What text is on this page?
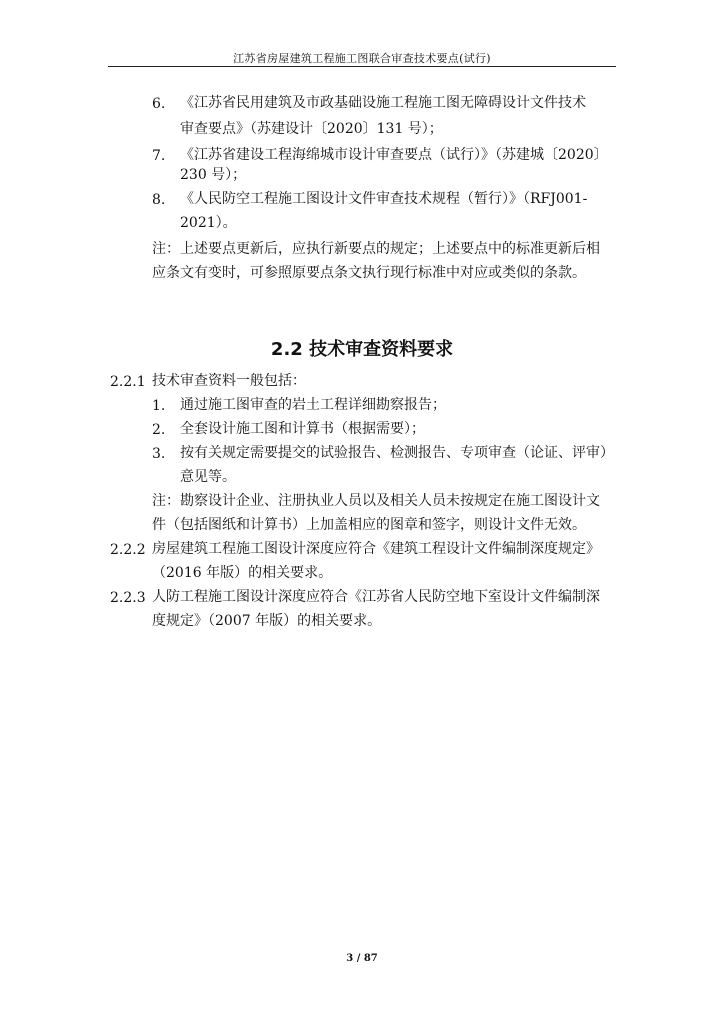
江苏省房屋建筑工程施工图联合审查技术要点(试行)
6. 《江苏省民用建筑及市政基础设施工程施工图无障碍设计文件技术
审查要点》（苏建设计〔2020〕131 号）；
7. 《江苏省建设工程海绵城市设计审查要点（试行）》（苏建城〔2020〕
230 号）；
8. 《人民防空工程施工图设计文件审查技术规程（暂行）》（RFJ001-
2021）。
注：上述要点更新后，应执行新要点的规定；上述要点中的标准更新后相
应条文有变时，可参照原要点条文执行现行标准中对应或类似的条款。
2.2 技术审查资料要求
2.2.1 技术审查资料一般包括：
1. 通过施工图审查的岩土工程详细勘察报告；
2. 全套设计施工图和计算书（根据需要）；
3. 按有关规定需要提交的试验报告、检测报告、专项审查（论证、评审）
意见等。
注：勘察设计企业、注册执业人员以及相关人员未按规定在施工图设计文
件（包括图纸和计算书）上加盖相应的图章和签字，则设计文件无效。
2.2.2 房屋建筑工程施工图设计深度应符合《建筑工程设计文件编制深度规定》
（2016 年版）的相关要求。
2.2.3 人防工程施工图设计深度应符合《江苏省人民防空地下室设计文件编制深
度规定》（2007 年版）的相关要求。
3 / 87
